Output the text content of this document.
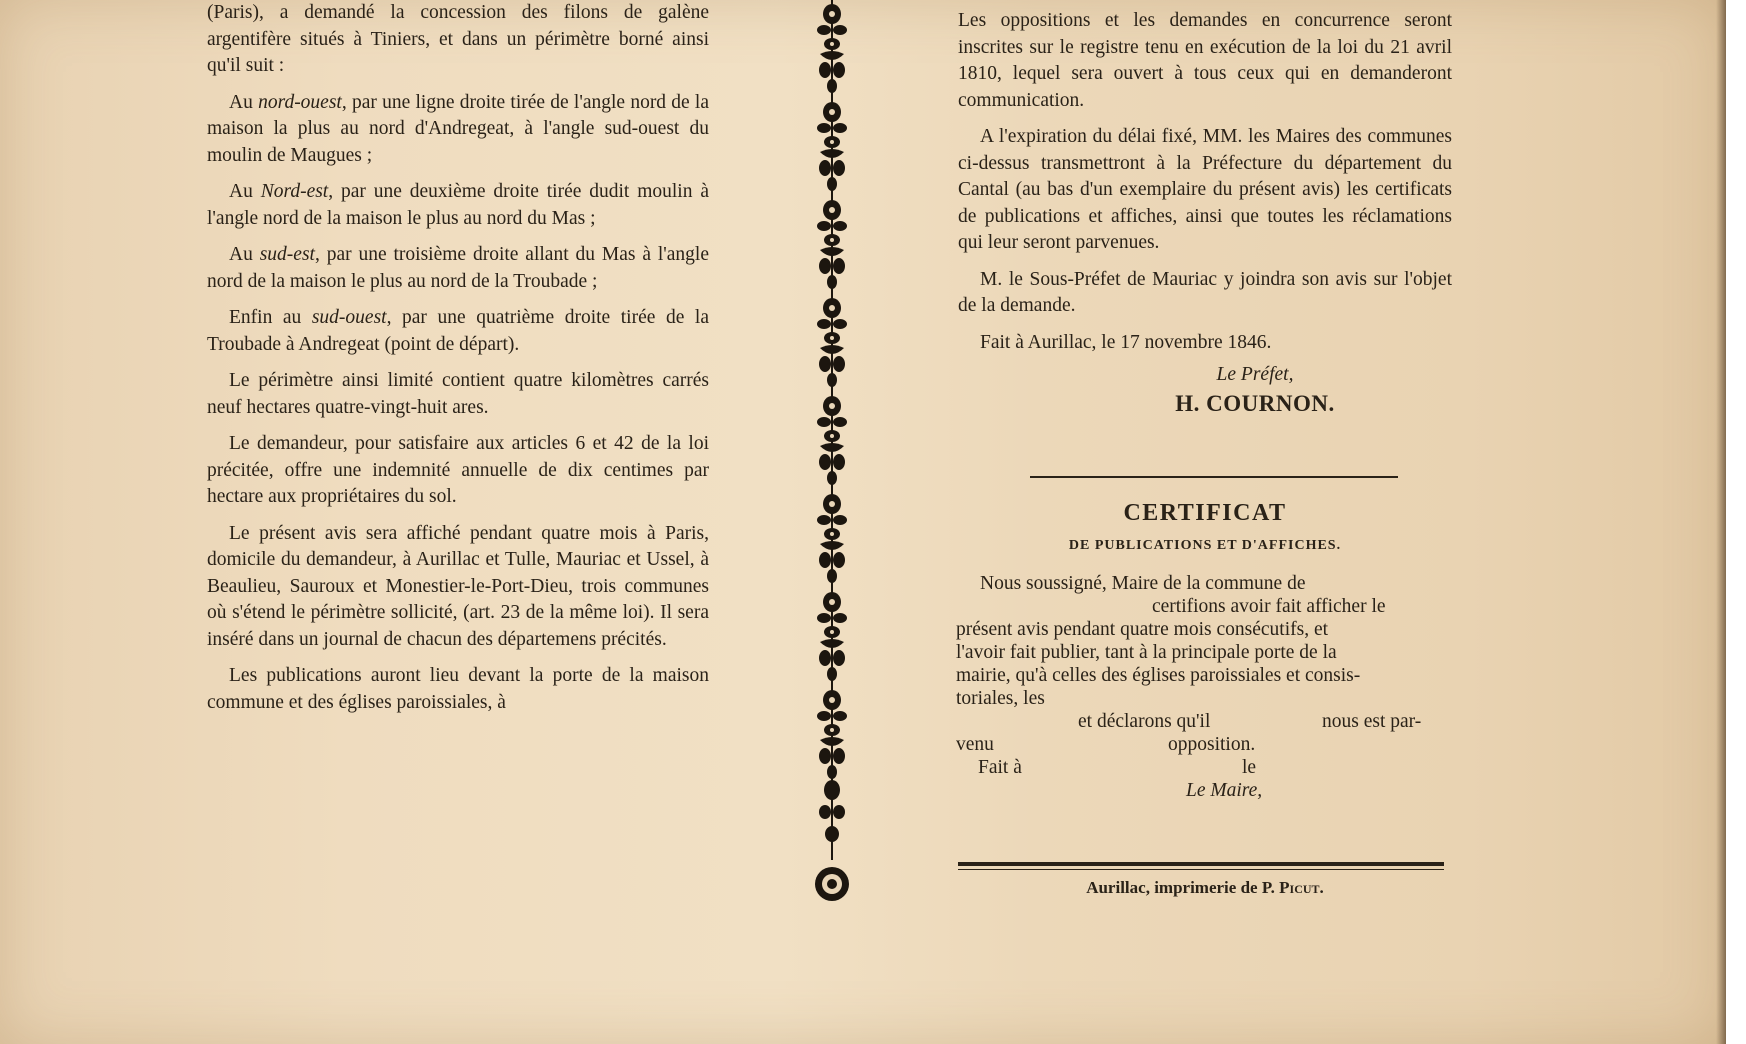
(Paris), a demandé la concession des filons de galène argentifère situés à Tiniers, et dans un périmètre borné ainsi qu'il suit :

Au nord-ouest, par une ligne droite tirée de l'angle nord de la maison la plus au nord d'Andregeat, à l'angle sud-ouest du moulin de Maugues ;

Au Nord-est, par une deuxième droite tirée dudit moulin à l'angle nord de la maison le plus au nord du Mas ;

Au sud-est, par une troisième droite allant du Mas à l'angle nord de la maison le plus au nord de la Troubade ;

Enfin au sud-ouest, par une quatrième droite tirée de la Troubade à Andregeat (point de départ).

Le périmètre ainsi limité contient quatre kilomètres carrés neuf hectares quatre-vingt-huit ares.

Le demandeur, pour satisfaire aux articles 6 et 42 de la loi précitée, offre une indemnité annuelle de dix centimes par hectare aux propriétaires du sol.

Le présent avis sera affiché pendant quatre mois à Paris, domicile du demandeur, à Aurillac et Tulle, Mauriac et Ussel, à Beaulieu, Sauroux et Monestier-le-Port-Dieu, trois communes où s'étend le périmètre sollicité, (art. 23 de la même loi). Il sera inséré dans un journal de chacun des départemens précités.

Les publications auront lieu devant la porte de la maison commune et des églises paroissiales, à

Les oppositions et les demandes en concurrence seront inscrites sur le registre tenu en exécution de la loi du 21 avril 1810, lequel sera ouvert à tous ceux qui en demanderont communication.

A l'expiration du délai fixé, MM. les Maires des communes ci-dessus transmettront à la Préfecture du département du Cantal (au bas d'un exemplaire du présent avis) les certificats de publications et affiches, ainsi que toutes les réclamations qui leur seront parvenues.

M. le Sous-Préfet de Mauriac y joindra son avis sur l'objet de la demande.

Fait à Aurillac, le 17 novembre 1846.
Le Préfet,
H. COURNON.
CERTIFICAT
DE PUBLICATIONS ET D'AFFICHES.
Nous soussigné, Maire de la commune de
certifions avoir fait afficher le
présent avis pendant quatre mois consécutifs, et
l'avoir fait publier, tant à la principale porte de la
mairie, qu'à celles des églises paroissiales et consis-
toriales, les
et déclarons qu'il	nous est par-
venu	opposition.
Fait à	le
Le Maire,
Aurillac, imprimerie de P. Picut.
